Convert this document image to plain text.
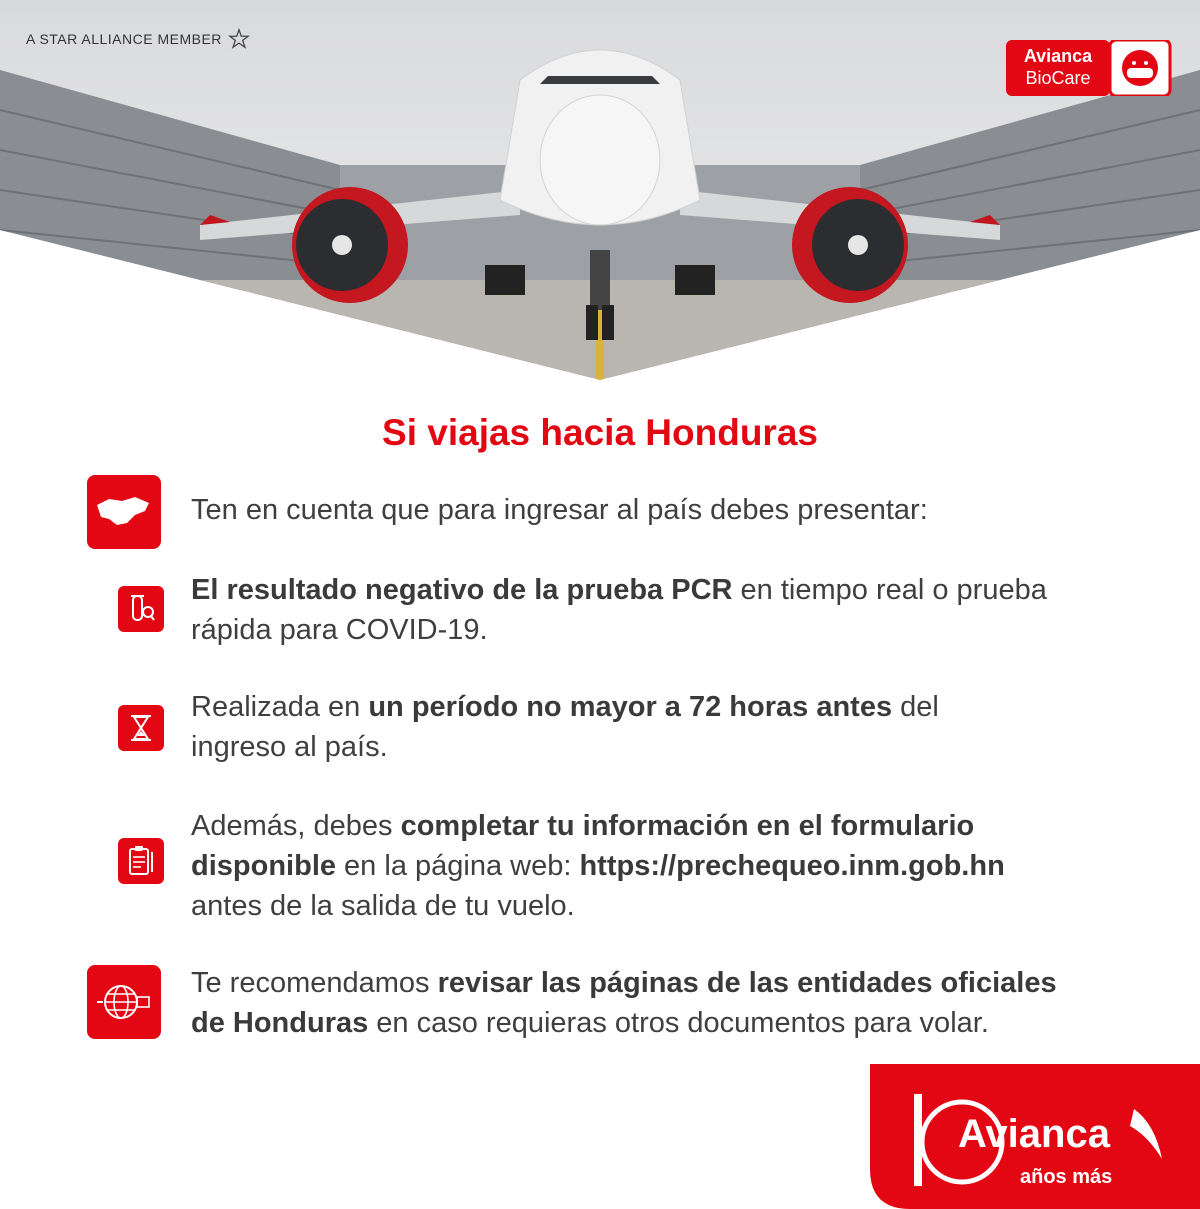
A STAR ALLIANCE MEMBER
Avianca
BioCare
Si viajas hacia Honduras

Ten en cuenta que para ingresar al país debes presentar:

El resultado negativo de la prueba PCR en tiempo real o prueba
rápida para COVID-19.

Realizada en un período no mayor a 72 horas antes del
ingreso al país.

Además, debes completar tu información en el formulario
disponible en la página web: https://prechequeo.inm.gob.hn
antes de la salida de tu vuelo.

Te recomendamos revisar las páginas de las entidades oficiales
de Honduras en caso requieras otros documentos para volar.

Avianca
años más
